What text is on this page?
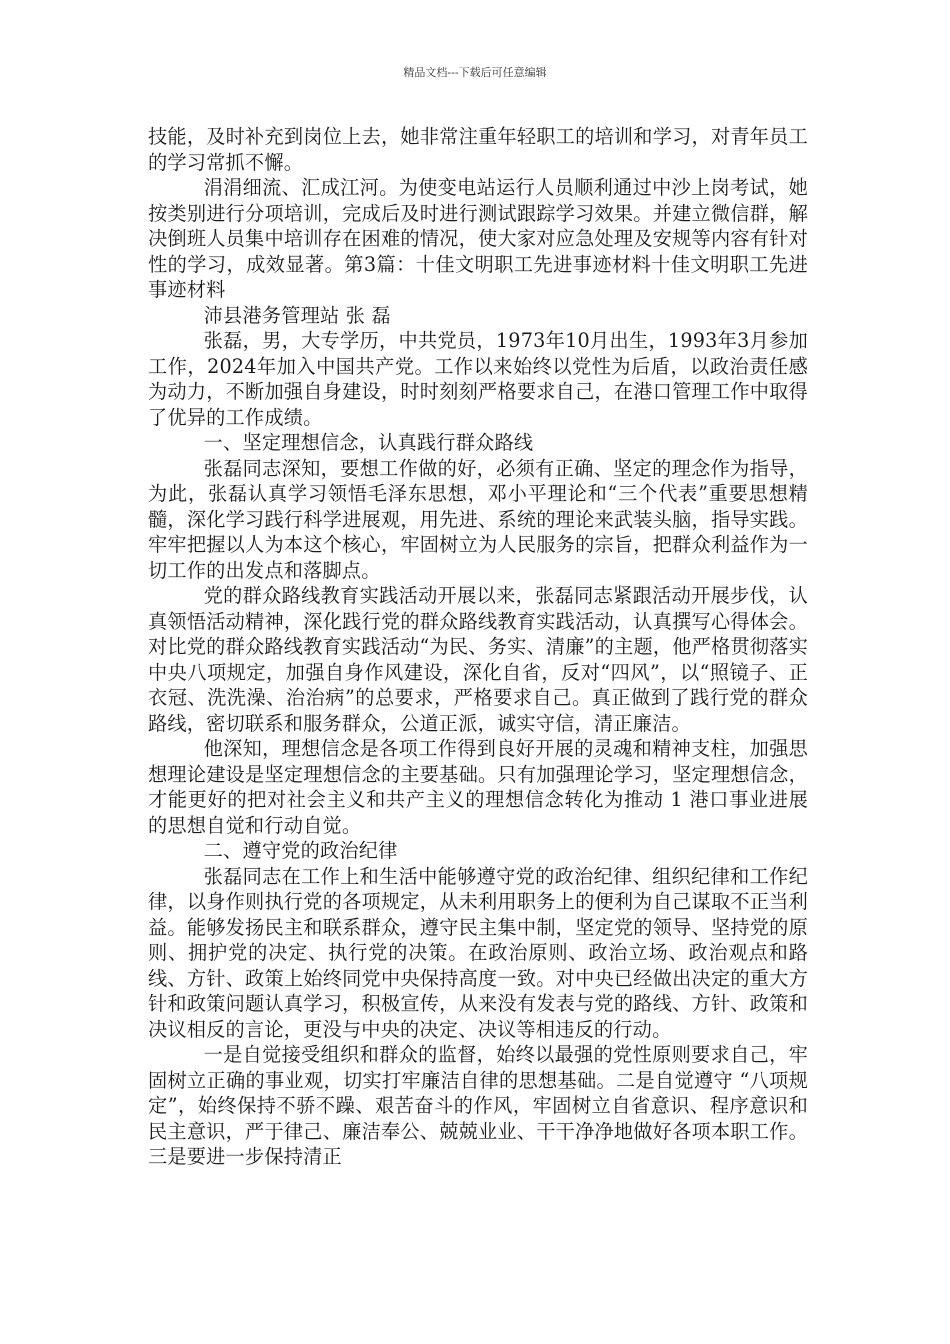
精品文档---下载后可任意编辑

技能，及时补充到岗位上去，她非常注重年轻职工的培训和学习，对青年员工的学习常抓不懈。

涓涓细流、汇成江河。为使变电站运行人员顺利通过中沙上岗考试，她按类别进行分项培训，完成后及时进行测试跟踪学习效果。并建立微信群，解决倒班人员集中培训存在困难的情况，使大家对应急处理及安规等内容有针对性的学习，成效显著。第3篇：十佳文明职工先进事迹材料十佳文明职工先进事迹材料

沛县港务管理站 张 磊

张磊，男，大专学历，中共党员，1973年10月出生，1993年3月参加工作，2024年加入中国共产党。工作以来始终以党性为后盾，以政治责任感为动力，不断加强自身建设，时时刻刻严格要求自己，在港口管理工作中取得了优异的工作成绩。

一、坚定理想信念，认真践行群众路线

张磊同志深知，要想工作做的好，必须有正确、坚定的理念作为指导，为此，张磊认真学习领悟毛泽东思想，邓小平理论和“三个代表”重要思想精髓，深化学习践行科学进展观，用先进、系统的理论来武装头脑，指导实践。牢牢把握以人为本这个核心，牢固树立为人民服务的宗旨，把群众利益作为一切工作的出发点和落脚点。

党的群众路线教育实践活动开展以来，张磊同志紧跟活动开展步伐，认真领悟活动精神，深化践行党的群众路线教育实践活动，认真撰写心得体会。对比党的群众路线教育实践活动“为民、务实、清廉”的主题，他严格贯彻落实中央八项规定，加强自身作风建设，深化自省，反对“四风”，以“照镜子、正衣冠、洗洗澡、治治病”的总要求，严格要求自己。真正做到了践行党的群众路线，密切联系和服务群众，公道正派，诚实守信，清正廉洁。

他深知，理想信念是各项工作得到良好开展的灵魂和精神支柱，加强思想理论建设是坚定理想信念的主要基础。只有加强理论学习，坚定理想信念，才能更好的把对社会主义和共产主义的理想信念转化为推动 1 港口事业进展的思想自觉和行动自觉。

二、遵守党的政治纪律

张磊同志在工作上和生活中能够遵守党的政治纪律、组织纪律和工作纪律，以身作则执行党的各项规定，从未利用职务上的便利为自己谋取不正当利益。能够发扬民主和联系群众，遵守民主集中制，坚定党的领导、坚持党的原则、拥护党的决定、执行党的决策。在政治原则、政治立场、政治观点和路线、方针、政策上始终同党中央保持高度一致。对中央已经做出决定的重大方针和政策问题认真学习，积极宣传，从来没有发表与党的路线、方针、政策和决议相反的言论，更没与中央的决定、决议等相违反的行动。

一是自觉接受组织和群众的监督，始终以最强的党性原则要求自己，牢固树立正确的事业观，切实打牢廉洁自律的思想基础。二是自觉遵守 “八项规定”，始终保持不骄不躁、艰苦奋斗的作风，牢固树立自省意识、程序意识和民主意识，严于律己、廉洁奉公、兢兢业业、干干净净地做好各项本职工作。三是要进一步保持清正
